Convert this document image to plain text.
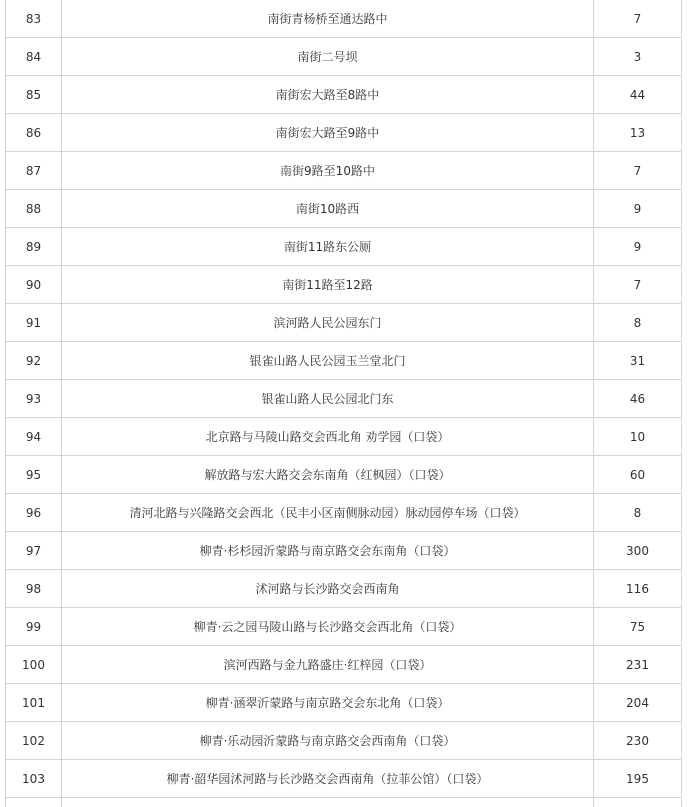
83	南街青杨桥至通达路中	7
84	南街二号坝	3
85	南街宏大路至8路中	44
86	南街宏大路至9路中	13
87	南街9路至10路中	7
88	南街10路西	9
89	南街11路东公厕	9
90	南街11路至12路	7
91	滨河路人民公园东门	8
92	银雀山路人民公园玉兰堂北门	31
93	银雀山路人民公园北门东	46
94	北京路与马陵山路交会西北角 劝学园（口袋）	10
95	解放路与宏大路交会东南角（红枫园）（口袋）	60
96	清河北路与兴隆路交会西北（民丰小区南侧脉动园）脉动园停车场（口袋）	8
97	柳青·杉杉园沂蒙路与南京路交会东南角（口袋）	300
98	沭河路与长沙路交会西南角	116
99	柳青·云之园马陵山路与长沙路交会西北角（口袋）	75
100	滨河西路与金九路盛庄·红梓园（口袋）	231
101	柳青·涵翠沂蒙路与南京路交会东北角（口袋）	204
102	柳青·乐动园沂蒙路与南京路交会西南角（口袋）	230
103	柳青·韶华园沭河路与长沙路交会西南角（拉菲公馆）（口袋）	195
